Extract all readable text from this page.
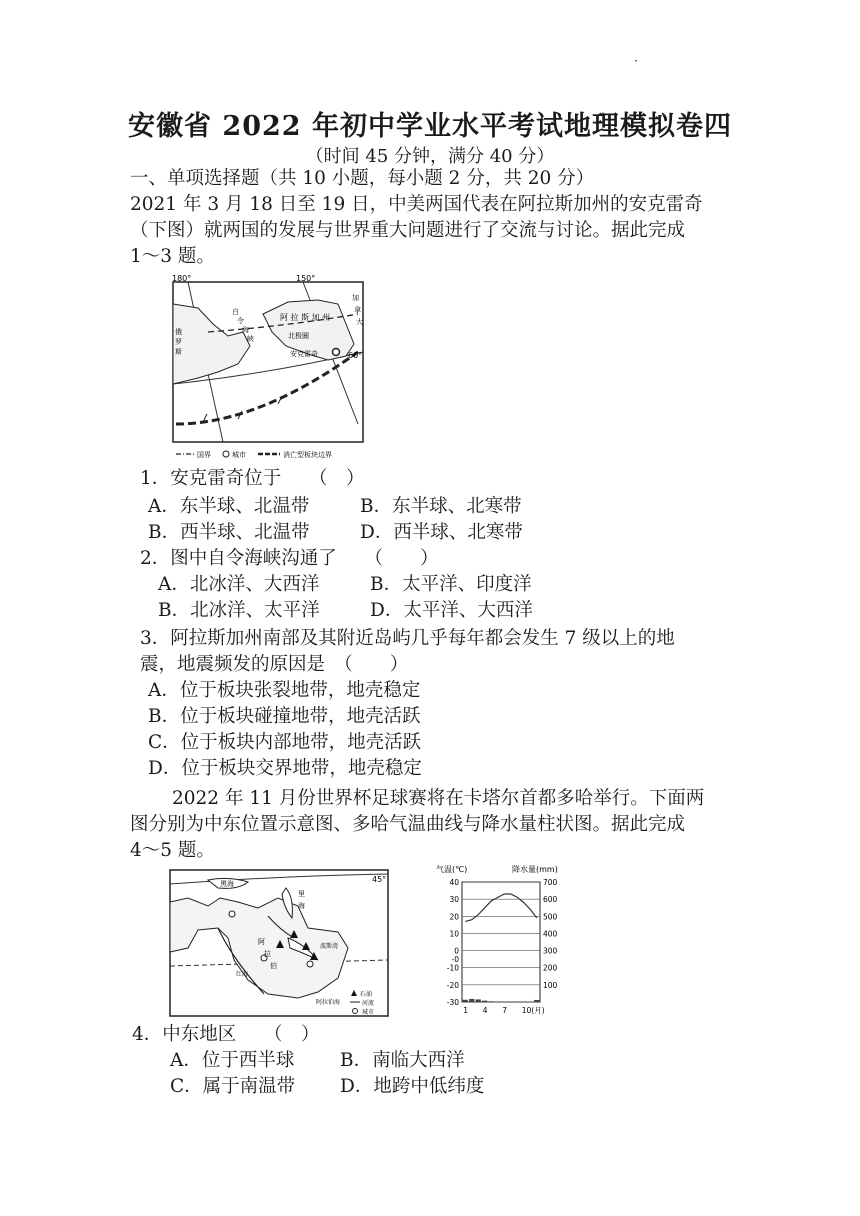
·
安徽省 2022 年初中学业水平考试地理模拟卷四
（时间 45 分钟，满分 40 分）
一、单项选择题（共 10 小题，每小题 2 分，共 20 分）
2021 年 3 月 18 日至 19 日，中美两国代表在阿拉斯加州的安克雷奇
（下图）就两国的发展与世界重大问题进行了交流与讨论。据此完成
1～3 题。
180°	150°
60°
俄
罗
斯
白
令
海
峡	北极圈
阿 拉 斯 加 州
安克雷奇
加
拿
大
国界	城市	消亡型板块边界
1．安克雷奇位于　　（　）
A．东半球、北温带	B．东半球、北寒带
B．西半球、北温带	D．西半球、北寒带
2．图中自令海峡沟通了　　（　　）
A．北冰洋、大西洋	B．太平洋、印度洋
B．北冰洋、太平洋	D．太平洋、大西洋
3．阿拉斯加州南部及其附近岛屿几乎每年都会发生 7 级以上的地
震，地震频发的原因是　（　　）
A．位于板块张裂地带，地壳稳定
B．位于板块碰撞地带，地壳活跃
C．位于板块内部地带，地壳活跃
D．位于板块交界地带，地壳稳定
2022 年 11 月份世界杯足球赛将在卡塔尔首都多哈举行。下面两
图分别为中东位置示意图、多哈气温曲线与降水量柱状图。据此完成
4～5 题。
45°
黑海
里
海
波斯湾
阿
拉
伯
红海
阿拉伯海
石油
河流
城市
气温(℃)	降水量(mm)
40
30
20
10
0
-0
-10
-20
-30
700
600
500
400
300
200
100
1 4 7 10(月)
4．中东地区　　（　）
A．位于西半球 B．南临大西洋
C．属于南温带 D．地跨中低纬度
